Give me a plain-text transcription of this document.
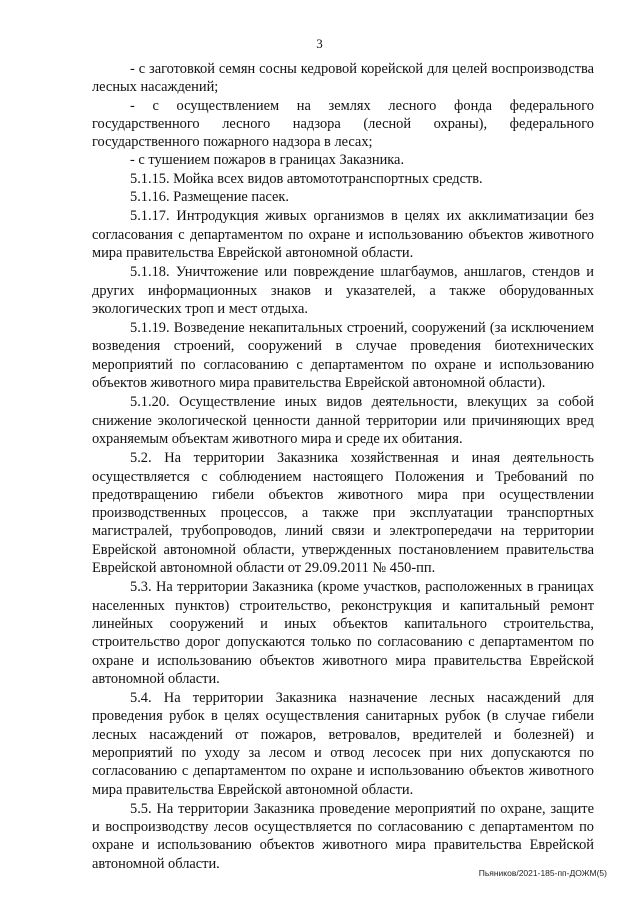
3

- с заготовкой семян сосны кедровой корейской для целей воспроизводства лесных насаждений;

- с осуществлением на землях лесного фонда федерального государственного лесного надзора (лесной охраны), федерального государственного пожарного надзора в лесах;

- с тушением пожаров в границах Заказника.

5.1.15. Мойка всех видов автомототранспортных средств.

5.1.16. Размещение пасек.

5.1.17. Интродукция живых организмов в целях их акклиматизации без согласования с департаментом по охране и использованию объектов животного мира правительства Еврейской автономной области.

5.1.18. Уничтожение или повреждение шлагбаумов, аншлагов, стендов и других информационных знаков и указателей, а также оборудованных экологических троп и мест отдыха.

5.1.19. Возведение некапитальных строений, сооружений (за исключением возведения строений, сооружений в случае проведения биотехнических мероприятий по согласованию с департаментом по охране и использованию объектов животного мира правительства Еврейской автономной области).

5.1.20. Осуществление иных видов деятельности, влекущих за собой снижение экологической ценности данной территории или причиняющих вред охраняемым объектам животного мира и среде их обитания.

5.2. На территории Заказника хозяйственная и иная деятельность осуществляется с соблюдением настоящего Положения и Требований по предотвращению гибели объектов животного мира при осуществлении производственных процессов, а также при эксплуатации транспортных магистралей, трубопроводов, линий связи и электропередачи на территории Еврейской автономной области, утвержденных постановлением правительства Еврейской автономной области от 29.09.2011 № 450-пп.

5.3. На территории Заказника (кроме участков, расположенных в границах населенных пунктов) строительство, реконструкция и капитальный ремонт линейных сооружений и иных объектов капитального строительства, строительство дорог допускаются только по согласованию с департаментом по охране и использованию объектов животного мира правительства Еврейской автономной области.

5.4. На территории Заказника назначение лесных насаждений для проведения рубок в целях осуществления санитарных рубок (в случае гибели лесных насаждений от пожаров, ветровалов, вредителей и болезней) и мероприятий по уходу за лесом и отвод лесосек при них допускаются по согласованию с департаментом по охране и использованию объектов животного мира правительства Еврейской автономной области.

5.5. На территории Заказника проведение мероприятий по охране, защите и воспроизводству лесов осуществляется по согласованию с департаментом по охране и использованию объектов животного мира правительства Еврейской автономной области.

Пьяников/2021-185-пп-ДОЖМ(5)
